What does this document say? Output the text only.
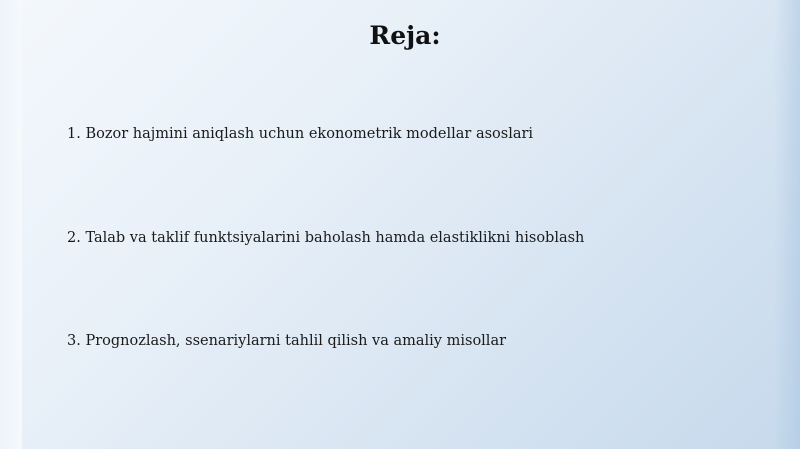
Reja:
1. Bozor hajmini aniqlash uchun ekonometrik modellar asoslari
2. Talab va taklif funktsiyalarini baholash hamda elastiklikni hisoblash
3. Prognozlash, ssenariylarni tahlil qilish va amaliy misollar
